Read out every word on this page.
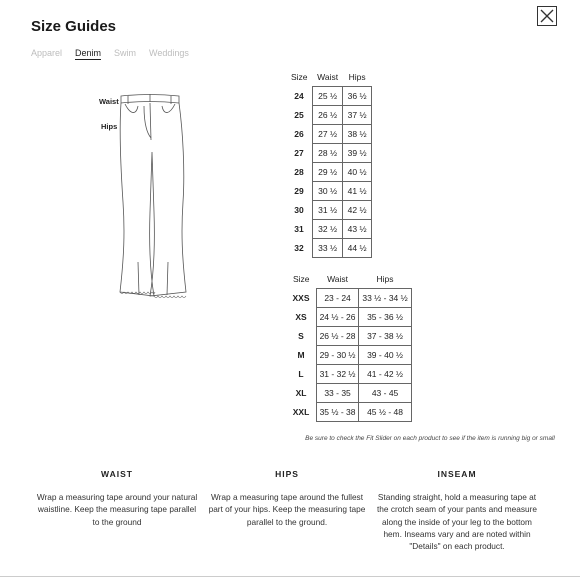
Size Guides
Apparel Denim Swim Weddings
Waist
Hips
Size	Waist	Hips
24	25 ½	36 ½
25	26 ½	37 ½
26	27 ½	38 ½
27	28 ½	39 ½
28	29 ½	40 ½
29	30 ½	41 ½
30	31 ½	42 ½
31	32 ½	43 ½
32	33 ½	44 ½
Size	Waist	Hips
XXS	23 - 24	33 ½ - 34 ½
XS	24 ½ - 26	35 - 36 ½
S	26 ½ - 28	37 - 38 ½
M	29 - 30 ½	39 - 40 ½
L	31 - 32 ½	41 - 42 ½
XL	33 - 35	43 - 45
XXL	35 ½ - 38	45 ½ - 48
Be sure to check the Fit Slider on each product to see if the item is running big or small
WAIST
Wrap a measuring tape around your natural waistline. Keep the measuring tape parallel to the ground
HIPS
Wrap a measuring tape around the fullest part of your hips. Keep the measuring tape parallel to the ground.
INSEAM
Standing straight, hold a measuring tape at the crotch seam of your pants and measure along the inside of your leg to the bottom hem. Inseams vary and are noted within "Details" on each product.
